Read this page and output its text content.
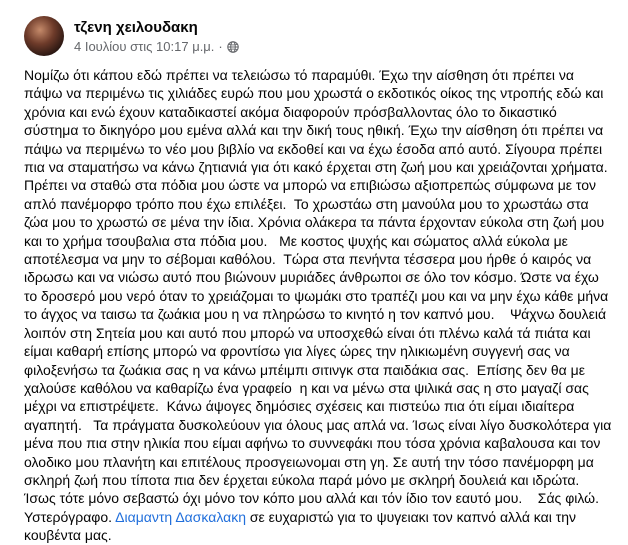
τζενη χειλουδακη
4 Ιουλίου στις 10:17 μ.μ. ·
Νομίζω ότι κάπου εδώ πρέπει να τελειώσω τό παραμύθι. Έχω την αίσθηση ότι πρέπει να πάψω να περιμένω τις χιλιάδες ευρώ που μου χρωστά ο εκδοτικός οίκος της ντροπής εδώ και χρόνια και ενώ έχουν καταδικαστεί ακόμα διαφορούν πρόσβαλλοντας όλο το δικαστικό σύστημα το δικηγόρο μου εμένα αλλά και την δική τους ηθική. Έχω την αίσθηση ότι πρέπει να πάψω να περιμένω το νέο μου βιβλίο να εκδοθεί και να έχω έσοδα από αυτό. Σίγουρα πρέπει πια να σταματήσω να κάνω ζητιανιά για ότι κακό έρχεται στη ζωή μου και χρειάζονται χρήματα.  Πρέπει να σταθώ στα πόδια μου ώστε να μπορώ να επιβιώσω αξιοπρεπώς σύμφωνα με τον απλό πανέμορφο τρόπο που έχω επιλέξει.  Το χρωστάω στη μανούλα μου το χρωστάω στα ζώα μου το χρωστώ σε μένα την ίδια. Χρόνια ολάκερα τα πάντα έρχονταν εύκολα στη ζωή μου και το χρήμα τσουβαλια στα πόδια μου.   Με κοστος ψυχής και σώματος αλλά εύκολα με αποτέλεσμα να μην το σέβομαι καθόλου.  Τώρα στα πενήντα τέσσερα μου ήρθε ό καιρός να ιδρωσω και να νιώσω αυτό που βιώνουν μυριάδες άνθρωποι σε όλο τον κόσμο. Ώστε να έχω το δροσερό μου νερό όταν το χρειάζομαι το ψωμάκι στο τραπέζι μου και να μην έχω κάθε μήνα το άγχος να ταισω τα ζωάκια μου η να πληρώσω το κινητό η τον καπνό μου.    Ψάχνω δουλειά λοιπόν στη Σητεία μου και αυτό που μπορώ να υποσχεθώ είναι ότι πλένω καλά τά πιάτα και είμαι καθαρή επίσης μπορώ να φροντίσω για λίγες ώρες την ηλικιωμένη συγγενή σας να φιλοξενήσω τα ζωάκια σας η να κάνω μπέιμπι σιτινγκ στα παιδάκια σας.  Επίσης δεν θα με χαλούσε καθόλου να καθαρίζω ένα γραφείο  η και να μένω στα ψιλικά σας η στο μαγαζί σας μέχρι να επιστρέψετε.  Κάνω άψογες δημόσιες σχέσεις και πιστεύω πια ότι είμαι ιδιαίτερα αγαπητή.   Τα πράγματα δυσκολεύουν για όλους μας απλά να. Ίσως είναι λίγο δυσκολότερα για μένα που πια στην ηλικία που είμαι αφήνω το συννεφάκι που τόσα χρόνια καβαλουσα και τον ολοδικο μου πλανήτη και επιτέλους προσγειωνομαι στη γη. Σε αυτή την τόσο πανέμορφη μα σκληρή ζωή που τίποτα πια δεν έρχεται εύκολα παρά μόνο με σκληρή δουλειά και ιδρώτα.  Ίσως τότε μόνο σεβαστώ όχι μόνο τον κόπο μου αλλά και τόν ίδιο τον εαυτό μου.    Σάς φιλώ.   Υστερόγραφο. Διαμαντη Δασκαλακη σε ευχαριστώ για το ψυγειακι τον καπνό αλλά και την κουβέντα μας.
